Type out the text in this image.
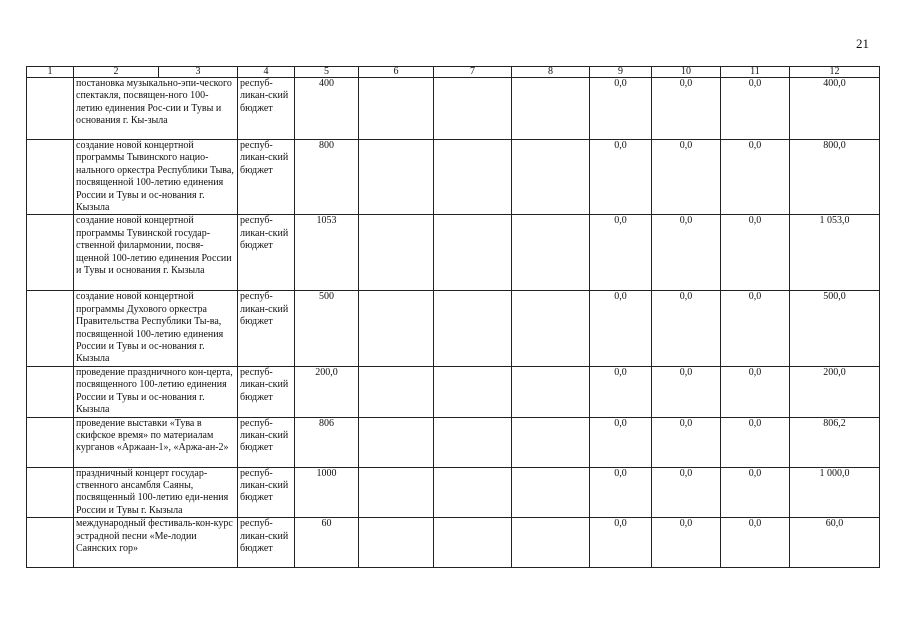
21
1	2	3	4	5	6	7	8	9	10	11	12
	постановка музыкально-эпи-ческого спектакля, посвящен-ного 100-летию единения Рос-сии и Тувы и основания г. Кы-зыла		респуб-ликан-ский бюджет	400				0,0	0,0	0,0	400,0
	создание новой концертной программы Тывинского нацио-нального оркестра Республики Тыва, посвященной 100-летию единения России и Тувы и ос-нования г. Кызыла		респуб-ликан-ский бюджет	800				0,0	0,0	0,0	800,0
	создание новой концертной программы Тувинской государ-ственной филармонии, посвя-щенной 100-летию единения России и Тувы и основания г. Кызыла		респуб-ликан-ский бюджет	1053				0,0	0,0	0,0	1 053,0
	создание новой концертной программы Духового оркестра Правительства Республики Ты-ва, посвященной 100-летию единения России и Тувы и ос-нования г. Кызыла		респуб-ликан-ский бюджет	500				0,0	0,0	0,0	500,0
	проведение праздничного кон-церта, посвященного 100-летию единения России и Тувы и ос-нования г. Кызыла		респуб-ликан-ский бюджет	200,0				0,0	0,0	0,0	200,0
	проведение выставки «Тува в скифское время» по материалам курганов «Аржаан-1», «Аржа-ан-2»		респуб-ликан-ский бюджет	806				0,0	0,0	0,0	806,2
	праздничный концерт государ-ственного ансамбля Саяны, посвященный 100-летию еди-нения России и Тувы г. Кызыла		респуб-ликан-ский бюджет	1000				0,0	0,0	0,0	1 000,0
	международный фестиваль-кон-курс эстрадной песни «Ме-лодии Саянских гор»		респуб-ликан-ский бюджет	60				0,0	0,0	0,0	60,0
